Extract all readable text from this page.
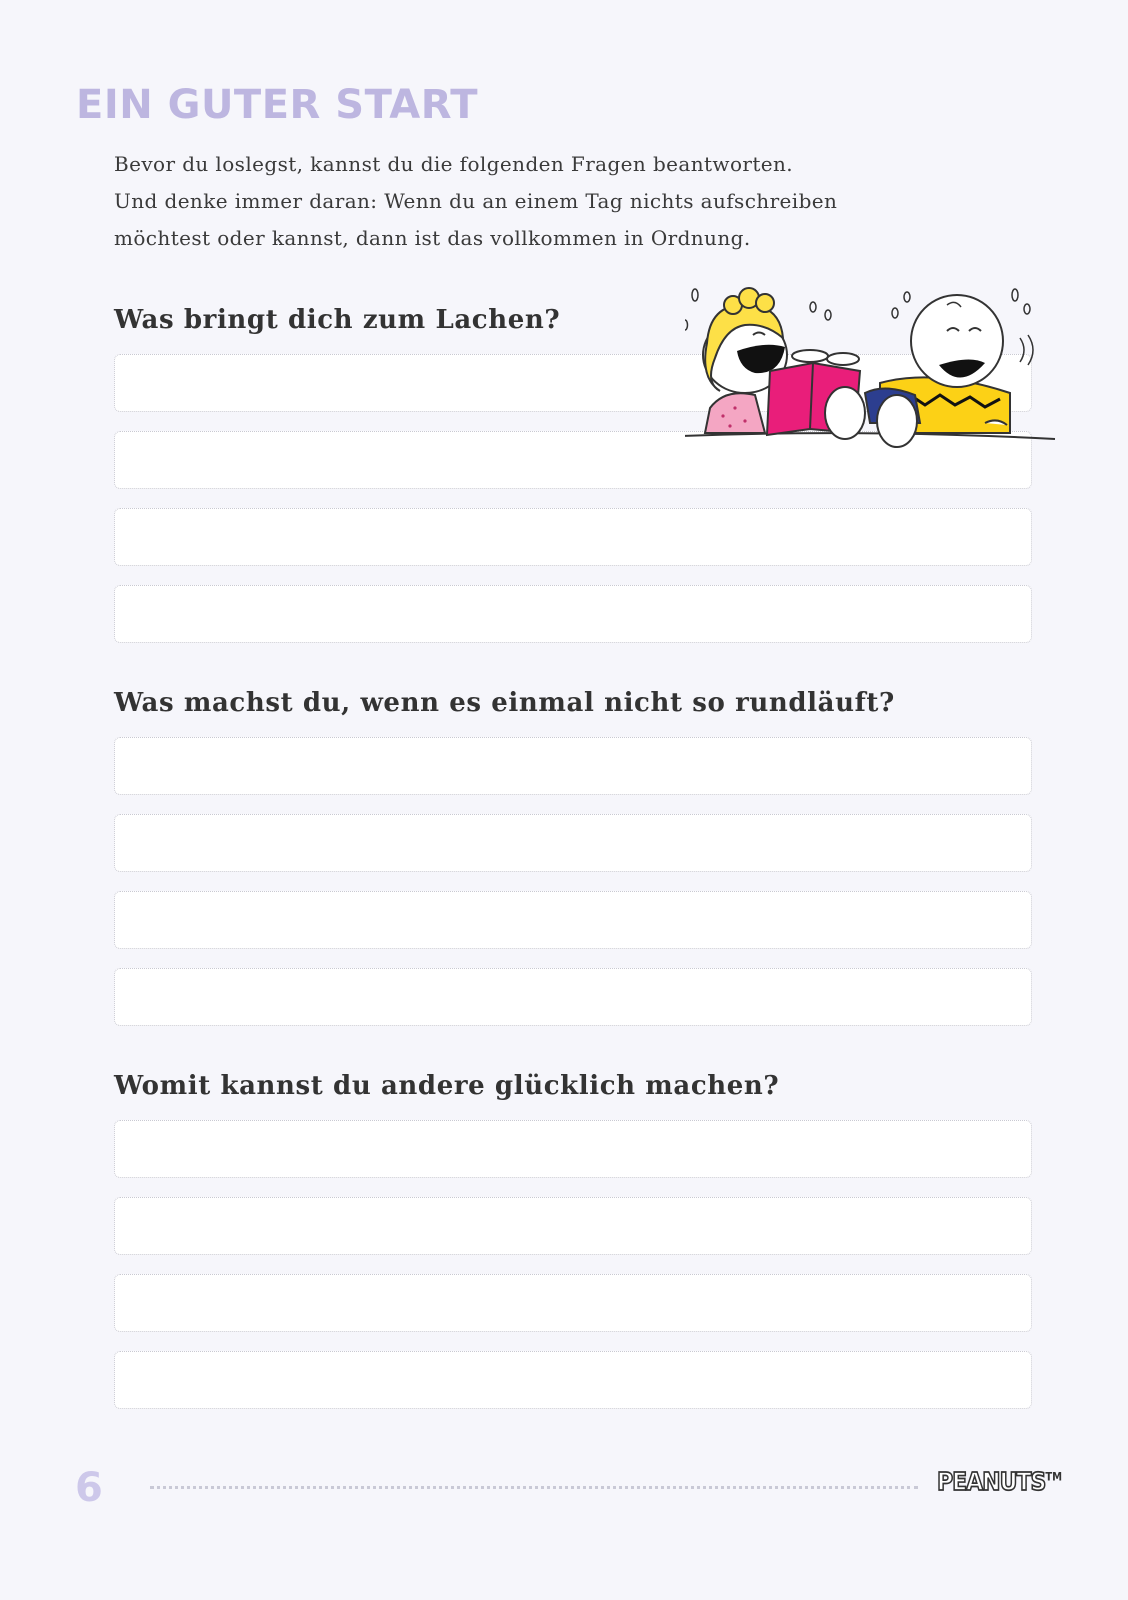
EIN GUTER START

Bevor du loslegst, kannst du die folgenden Fragen beantworten.

Und denke immer daran: Wenn du an einem Tag nichts aufschreiben

möchtest oder kannst, dann ist das vollkommen in Ordnung.

Was bringt dich zum Lachen?
Was machst du, wenn es einmal nicht so rundläuft?
Womit kannst du andere glücklich machen?
6	PEANUTS™
